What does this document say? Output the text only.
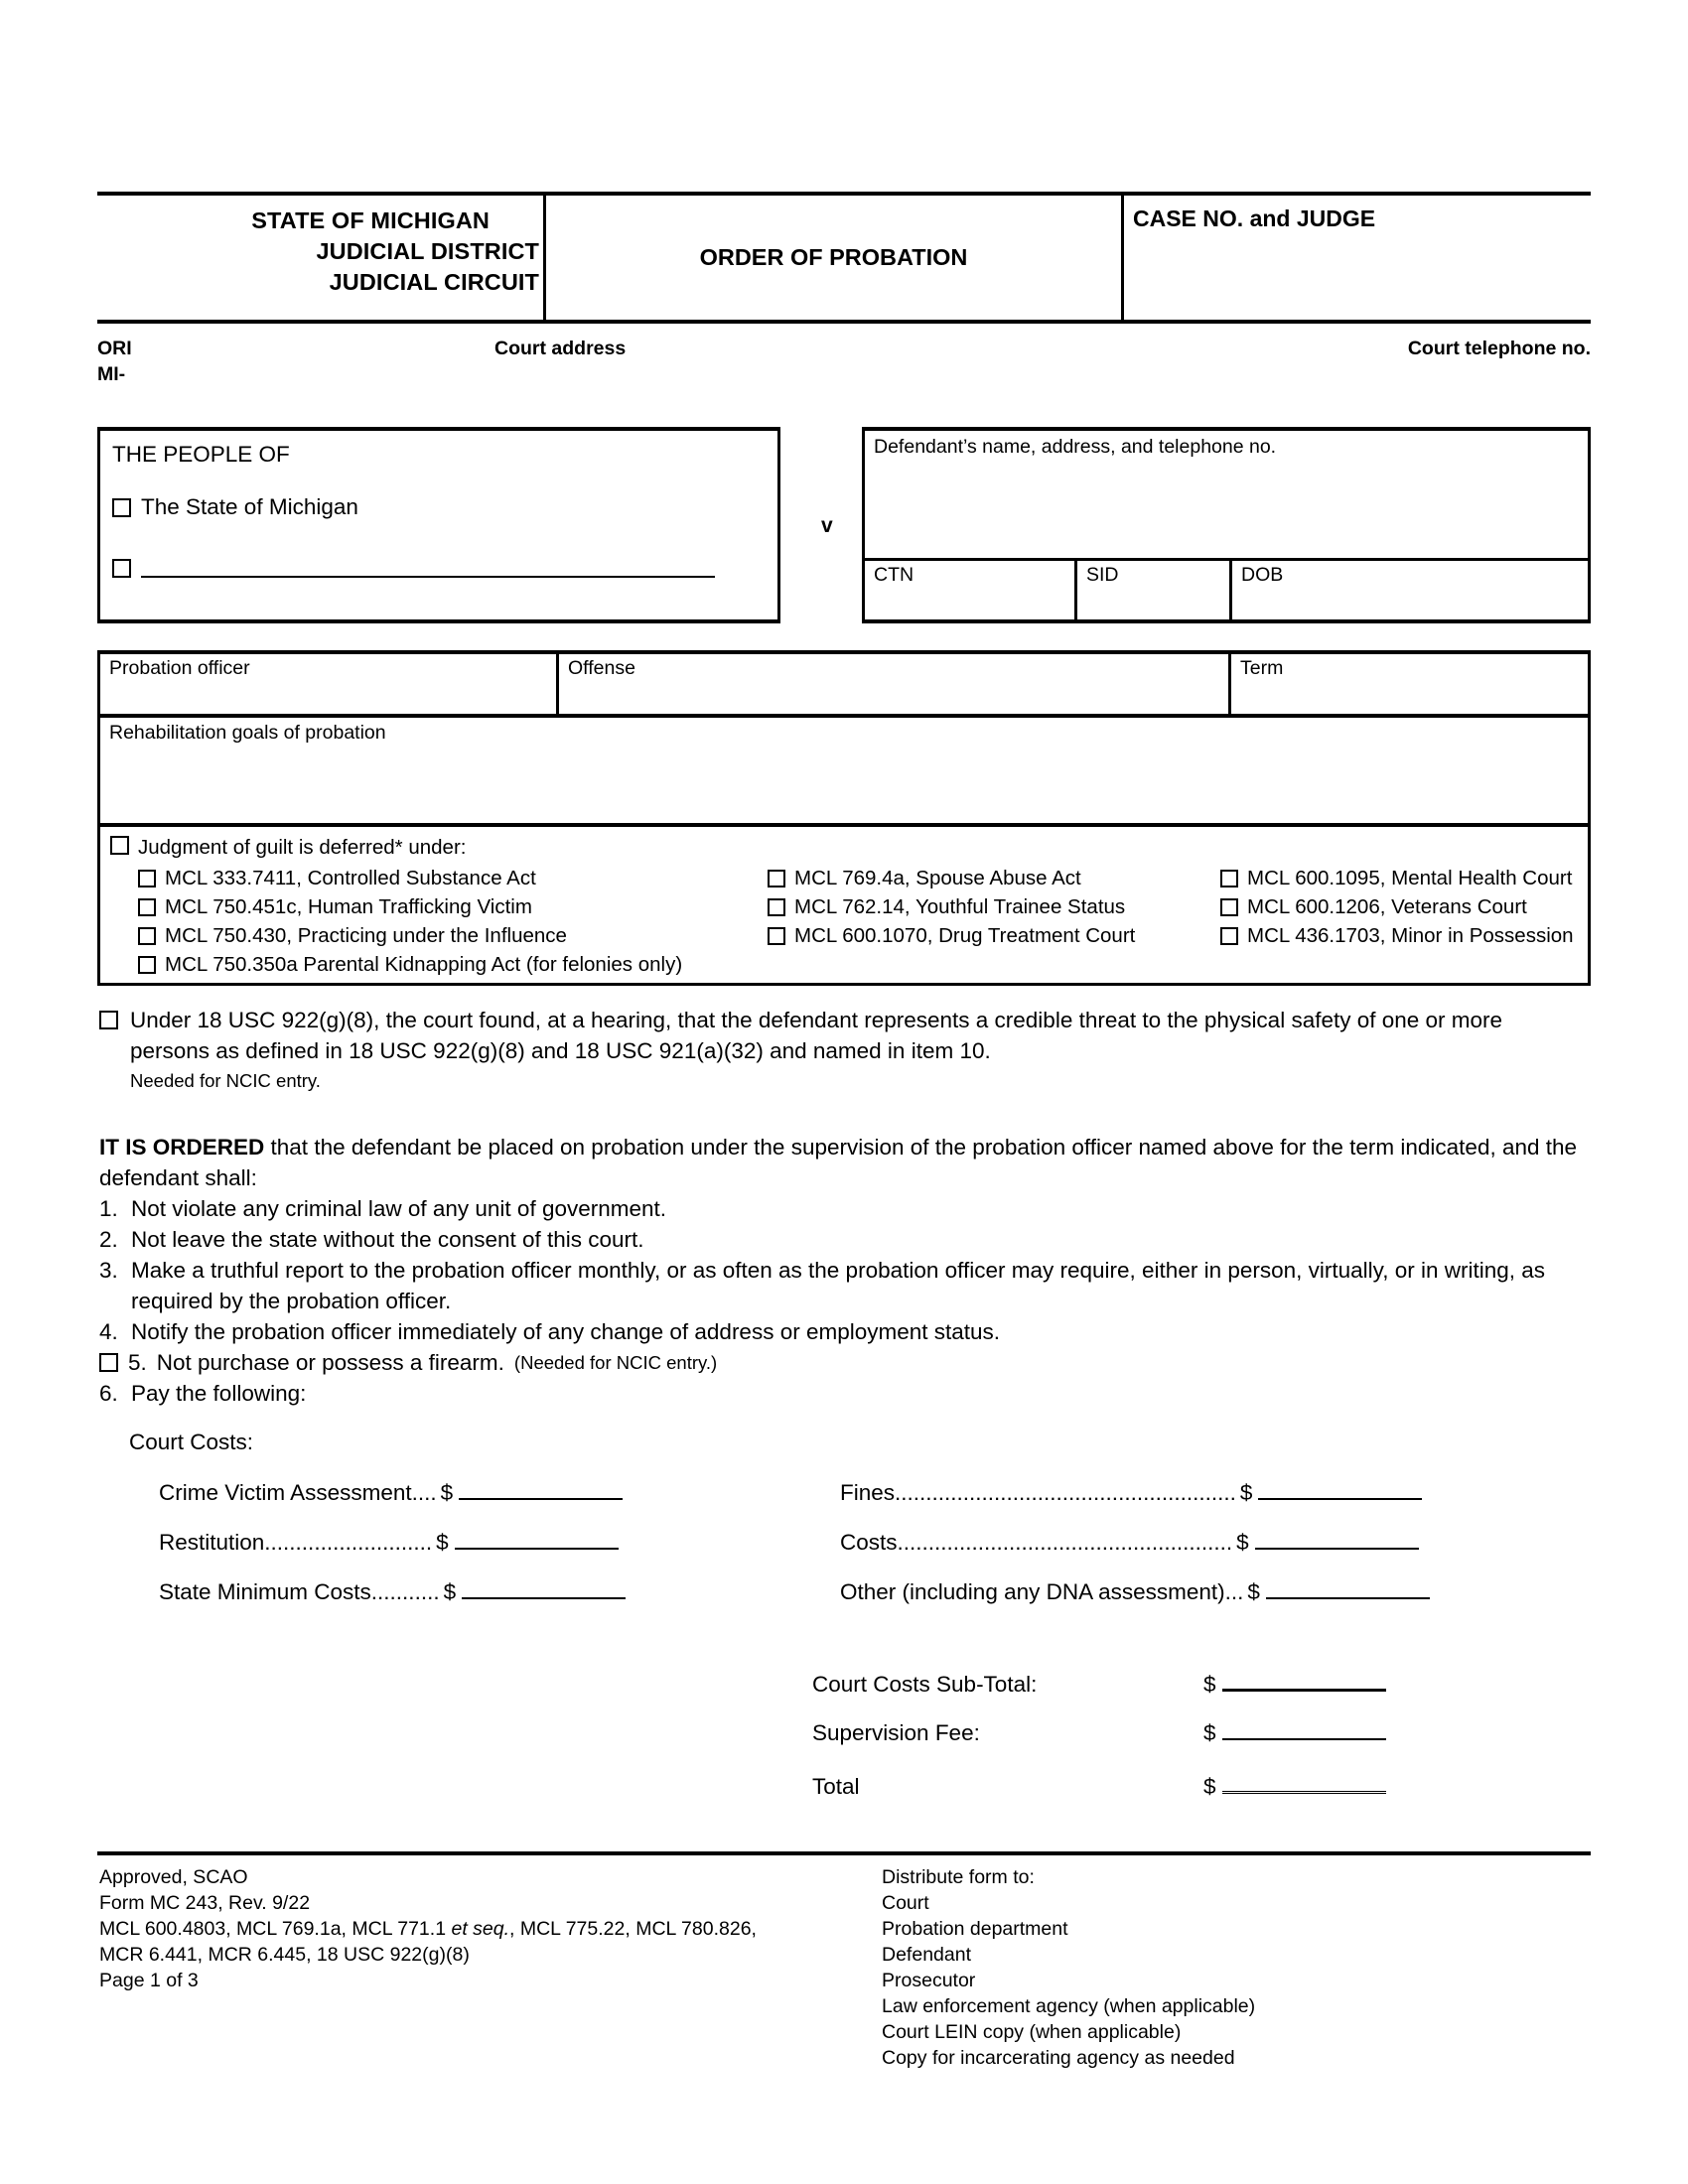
STATE OF MICHIGAN
JUDICIAL DISTRICT
JUDICIAL CIRCUIT
ORDER OF PROBATION
CASE NO. and JUDGE
ORI
MI-
Court address	Court telephone no.
THE PEOPLE OF
The State of Michigan
v
Defendant’s name, address, and telephone no.
CTN	SID	DOB
Probation officer	Offense	Term
Rehabilitation goals of probation
Judgment of guilt is deferred* under:
MCL 333.7411, Controlled Substance Act
MCL 750.451c, Human Trafficking Victim
MCL 750.430, Practicing under the Influence
MCL 769.4a, Spouse Abuse Act
MCL 762.14, Youthful Trainee Status
MCL 600.1070, Drug Treatment Court
MCL 600.1095, Mental Health Court
MCL 600.1206, Veterans Court
MCL 436.1703, Minor in Possession
MCL 750.350a Parental Kidnapping Act (for felonies only)
Under 18 USC 922(g)(8), the court found, at a hearing, that the defendant represents a credible threat to the physical safety of one or more persons as defined in 18 USC 922(g)(8) and 18 USC 921(a)(32) and named in item 10.
Needed for NCIC entry.

IT IS ORDERED that the defendant be placed on probation under the supervision of the probation officer named above for the term indicated, and the defendant shall:

1. Not violate any criminal law of any unit of government.
2. Not leave the state without the consent of this court.
3. Make a truthful report to the probation officer monthly, or as often as the probation officer may require, either in person, virtually, or in writing, as required by the probation officer.
4. Notify the probation officer immediately of any change of address or employment status.
5. Not purchase or possess a firearm. (Needed for NCIC entry.)
6. Pay the following:
Court Costs:
Crime Victim Assessment.... $
Restitution........................... $
State Minimum Costs........... $
Fines....................................................... $
Costs...................................................... $
Other (including any DNA assessment)... $
Court Costs Sub-Total:	$
Supervision Fee:	$
Total	$
Approved, SCAO
Form MC 243, Rev. 9/22
MCL 600.4803, MCL 769.1a, MCL 771.1 et seq., MCL 775.22, MCL 780.826,
MCR 6.441, MCR 6.445, 18 USC 922(g)(8)
Page 1 of 3
Distribute form to:
Court
Probation department
Defendant
Prosecutor
Law enforcement agency (when applicable)
Court LEIN copy (when applicable)
Copy for incarcerating agency as needed
